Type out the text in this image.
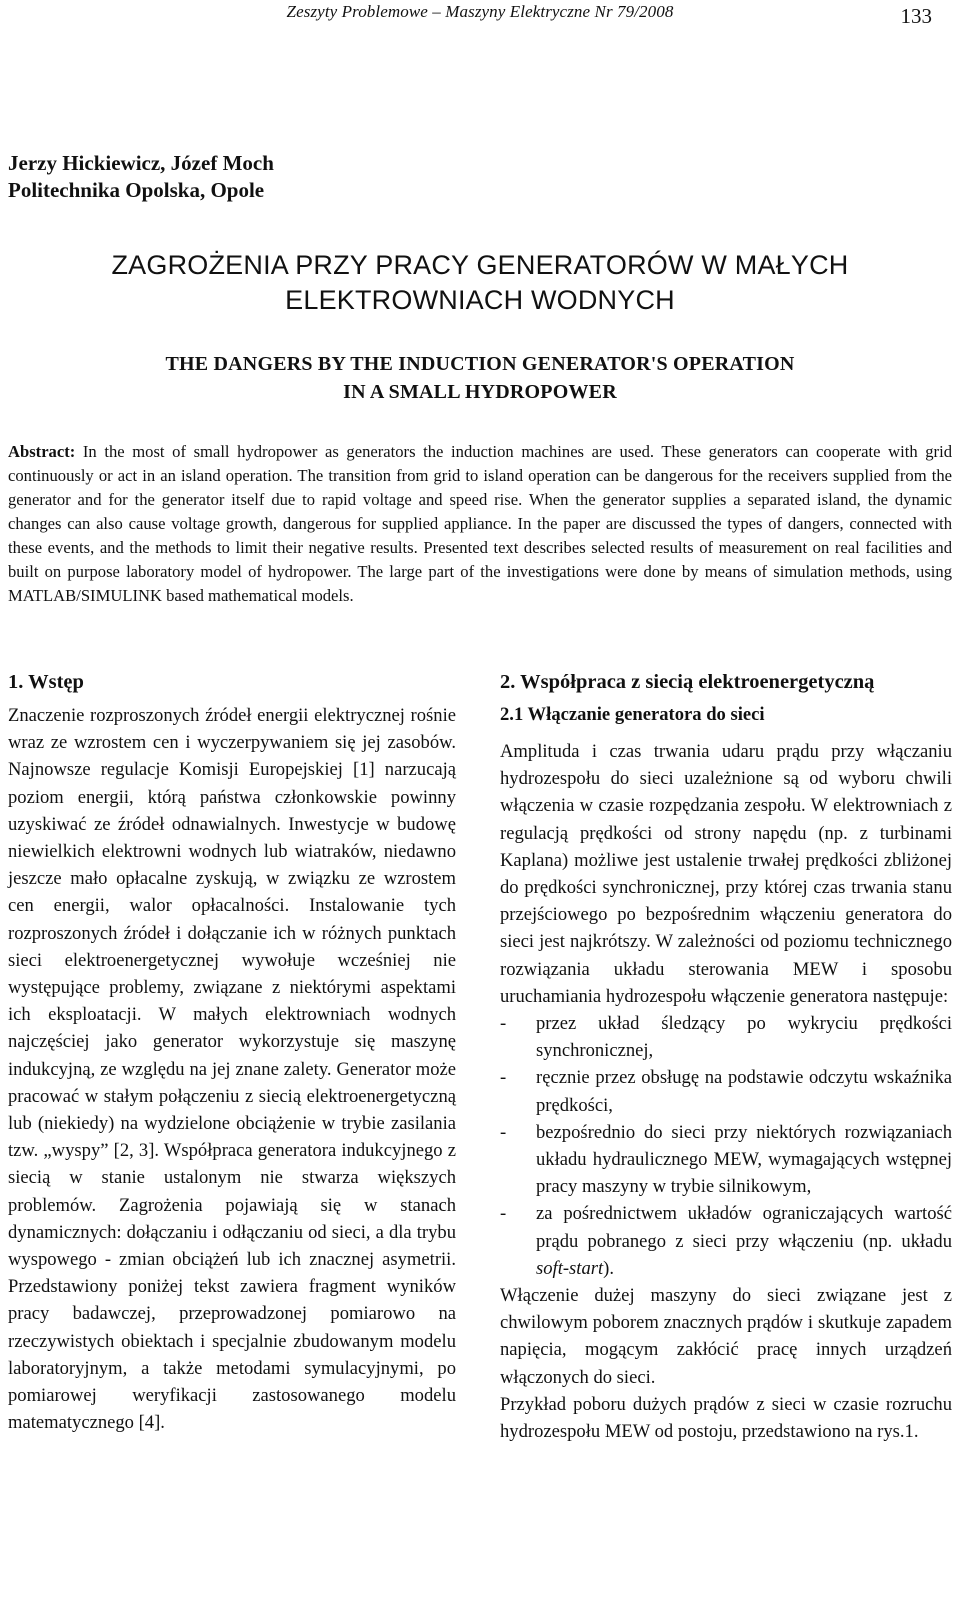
Zeszyty Problemowe – Maszyny Elektryczne Nr 79/2008	133
Jerzy Hickiewicz, Józef Moch
Politechnika Opolska, Opole
ZAGROŻENIA PRZY PRACY GENERATORÓW W MAŁYCH
ELEKTROWNIACH WODNYCH
THE DANGERS BY THE INDUCTION GENERATOR'S OPERATION
IN A SMALL HYDROPOWER
Abstract: In the most of small hydropower as generators the induction machines are used. These generators can cooperate with grid continuously or act in an island operation. The transition from grid to island operation can be dangerous for the receivers supplied from the generator and for the generator itself due to rapid voltage and speed rise. When the generator supplies a separated island, the dynamic changes can also cause voltage growth, dangerous for supplied appliance. In the paper are discussed the types of dangers, connected with these events, and the methods to limit their negative results. Presented text describes selected results of measurement on real facilities and built on purpose laboratory model of hydropower. The large part of the investigations were done by means of simulation methods, using MATLAB/SIMULINK based mathematical models.
1. Wstęp

Znaczenie rozproszonych źródeł energii elektrycznej rośnie wraz ze wzrostem cen i wyczerpywaniem się jej zasobów. Najnowsze regulacje Komisji Europejskiej [1] narzucają poziom energii, którą państwa członkowskie powinny uzyskiwać ze źródeł odnawialnych. Inwestycje w budowę niewielkich elektrowni wodnych lub wiatraków, niedawno jeszcze mało opłacalne zyskują, w związku ze wzrostem cen energii, walor opłacalności. Instalowanie tych rozproszonych źródeł i dołączanie ich w różnych punktach sieci elektroenergetycznej wywołuje wcześniej nie występujące problemy, związane z niektórymi aspektami ich eksploatacji. W małych elektrowniach wodnych najczęściej jako generator wykorzystuje się maszynę indukcyjną, ze względu na jej znane zalety. Generator może pracować w stałym połączeniu z siecią elektroenergetyczną lub (niekiedy) na wydzielone obciążenie w trybie zasilania tzw. „wyspy” [2, 3]. Współpraca generatora indukcyjnego z siecią w stanie ustalonym nie stwarza większych problemów. Zagrożenia pojawiają się w stanach dynamicznych: dołączaniu i odłączaniu od sieci, a dla trybu wyspowego - zmian obciążeń lub ich znacznej asymetrii. Przedstawiony poniżej tekst zawiera fragment wyników pracy badawczej, przeprowadzonej pomiarowo na rzeczywistych obiektach i specjalnie zbudowanym modelu laboratoryjnym, a także metodami symulacyjnymi, po pomiarowej weryfikacji zastosowanego modelu matematycznego [4].

2. Współpraca z siecią elektroenergetyczną
2.1 Włączanie generatora do sieci

Amplituda i czas trwania udaru prądu przy włączaniu hydrozespołu do sieci uzależnione są od wyboru chwili włączenia w czasie rozpędzania zespołu. W elektrowniach z regulacją prędkości od strony napędu (np. z turbinami Kaplana) możliwe jest ustalenie trwałej prędkości zbliżonej do prędkości synchronicznej, przy której czas trwania stanu przejściowego po bezpośrednim włączeniu generatora do sieci jest najkrótszy. W zależności od poziomu technicznego rozwiązania układu sterowania MEW i sposobu uruchamiania hydrozespołu włączenie generatora następuje:

- przez układ śledzący po wykryciu prędkości synchronicznej,
- ręcznie przez obsługę na podstawie odczytu wskaźnika prędkości,
- bezpośrednio do sieci przy niektórych rozwiązaniach układu hydraulicznego MEW, wymagających wstępnej pracy maszyny w trybie silnikowym,
- za pośrednictwem układów ograniczających wartość prądu pobranego z sieci przy włączeniu (np. układu soft-start).

Włączenie dużej maszyny do sieci związane jest z chwilowym poborem znacznych prądów i skutkuje zapadem napięcia, mogącym zakłócić pracę innych urządzeń włączonych do sieci.

Przykład poboru dużych prądów z sieci w czasie rozruchu hydrozespołu MEW od postoju, przedstawiono na rys.1.
